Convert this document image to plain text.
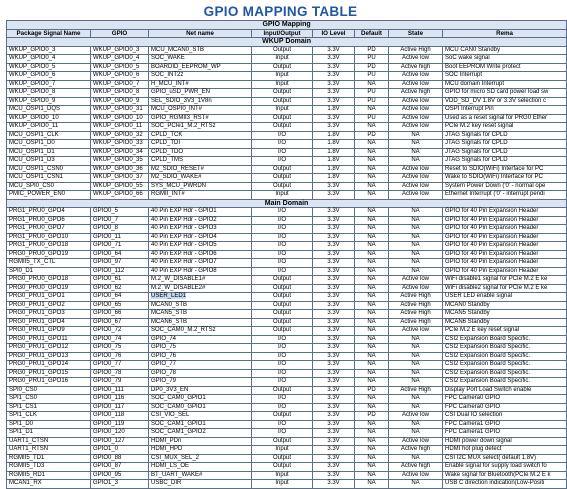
GPIO MAPPING TABLE
GPIO Mapping							
Package Signal Name	GPIO	Net name	Input/Output	IO Level	Default	State	Rema
WKUP Domain							
WKUP_GPIO0_3	WKUP_GPIO0_3	MCU_MCAN0_STB	Output	3.3V	PD	Active High	MCU CAN0 Standby
WKUP_GPIO0_4	WKUP_GPIO0_4	SOC_WAKE	Input	3.3V	PU	Active low	SoC wake signal
WKUP_GPIO0_5	WKUP_GPIO0_5	BOARDID_EEPROM_WP	Output	3.3V	PD	Active high	Boot EEPROM Write protect
WKUP_GPIO0_6	WKUP_GPIO0_6	SOC_INT2z	Input	3.3V	PU	Active low	SOC Interrupt
WKUP_GPIO0_7	WKUP_GPIO0_7	H_MCU_INT#	Input	3.3V	NA	Active low	MCU domain Interrupt
WKUP_GPIO0_8	WKUP_GPIO0_8	GPIO_uSD_PWR_EN	Output	3.3V	PU	Active high	GPIO for micro SD card power load sw
WKUP_GPIO0_9	WKUP_GPIO0_9	SEL_SDIO_3V3_1V8n	Output	3.3V	PU	Active low	VDD_SD_DV 1.8V or 3.3V selection c
MCU_OSPI1_DQS	WKUP_GPIO0_31	MCU_OSPI0_INT#	Input	1.8V	NA	Active low	OSPI Interrupt Pin
WKUP_GPIO0_10	WKUP_GPIO0_10	GPIO_RGMII3_RST#	Output	3.3V	PU	Active low	Used as a reset signal for PRG0 Ether
WKUP_GPIO0_11	WKUP_GPIO0_11	SOC_PCIe1_M.2_RTSz	Output	3.3V	NA	Active low	PCIe M.2 key reset signal
MCU_OSPI1_CLK	WKUP_GPIO0_32	CPLD_TCK	I/O	1.8V	PD	NA	JTAG Signals for CPLD
MCU_OSPI1_D0	WKUP_GPIO0_33	CPLD_TDI	I/O	1.8V	NA	NA	JTAG Signals for CPLD
MCU_OSPI1_D1	WKUP_GPIO0_34	CPLD_TDO	I/O	1.8V	NA	NA	JTAG Signals for CPLD
MCU_OSPI1_D3	WKUP_GPIO0_35	CPLD_TMS	I/O	1.8V	NA	NA	JTAG Signals for CPLD
MCU_OSPI1_CSN0	WKUP_GPIO0_36	M2_SDIO_RESET#	Output	1.8V	NA	Active low	Reset to SDIO(WiFi) Interface for PC
MCU_OSPI1_CSN1	WKUP_GPIO0_37	M2_SDIO_WAKE#	Output	1.8V	NA	Active low	Wake to SDIO(WiFi) Interface for PC
MCU_SPI0_CS0	WKUP_GPIO0_55	SYS_MCU_PWRDN	Output	3.3V	NA	Active low	System Power Down ('0' - normal ope
PMIC_POWER_EN0	WKUP_GPIO0_66	RGMII_INT#	Input	3.3V	NA	Active low	Ethernet Interrupt ('0' - interrupt pendi
Main Domain							
PRG1_PRU0_GPO4	GPIO0_5	40 Pin EXP Hdr - GPIO1	I/O	3.3V	NA	NA	GPIO for 40 Pin Expansion Header
PRG1_PRU0_GPO6	GPIO0_7	40 Pin EXP Hdr - GPIO2	I/O	3.3V	NA	NA	GPIO for 40 Pin Expansion Header
PRG1_PRU0_GPO7	GPIO0_8	40 Pin EXP Hdr - GPIO3	I/O	3.3V	NA	NA	GPIO for 40 Pin Expansion Header
PRG1_PRU0_GPO10	GPIO0_11	40 Pin EXP Hdr - GPIO4	I/O	3.3V	NA	NA	GPIO for 40 Pin Expansion Header
PRG1_PRU0_GPO18	GPIO0_71	40 Pin EXP Hdr - GPIO5	I/O	3.3V	NA	NA	GPIO for 40 Pin Expansion Header
PRG0_PRU0_GPO19	GPIO0_64	40 Pin EXP Hdr - GPIO6	I/O	3.3V	NA	NA	GPIO for 40 Pin Expansion Header
RGMII5_TX_CTL	GPIO0_97	40 Pin EXP Hdr - GPIO7	I/O	3.3V	NA	NA	GPIO for 40 Pin Expansion Header
SPI0_D1	GPIO0_112	40 Pin EXP Hdr - GPIO8	I/O	3.3V	NA	NA	GPIO for 40 Pin Expansion Header
PRG0_PRU0_GPO18	GPIO0_61	M.2_W_DISABLE1#	Output	3.3V	NA	Active low	WiFi disable1 signal for PCIe M.2 E ke
PRG0_PRU0_GPO19	GPIO0_62	M.2_W_DISABLE2#	Output	3.3V	NA	Active low	WiFi disable2 signal for PCIe M.2 E ke
PRG0_PRU1_GPO1	GPIO0_64	USER_LED1	Output	3.3V	NA	Active High	USER LED enable signal
PRG0_PRU1_GPO2	GPIO0_65	MCAN0_STB	Output	3.3V	NA	Active High	MCAN0 Standby
PRG0_PRU1_GPO3	GPIO0_66	MCAN5_STB	Output	3.3V	NA	Active High	MCAN5 Standby
PRG0_PRU1_GPO4	GPIO0_67	MCAN6_STB	Output	3.3V	NA	Active High	MCAN6 Standby
PRG0_PRU1_GPO9	GPIO0_72	SOC_CAM0_M.2_RTSz	Output	3.3V	NA	Active low	PCIe M.2 E key reset signal
PRG0_PRU1_GPO11	GPIO0_74	GPIO_74	I/O	3.3V	NA	NA	CSI2 Expansion Board Specific.
PRG0_PRU1_GPO12	GPIO0_75	GPIO_75	I/O	3.3V	NA	NA	CSI2 Expansion Board Specific.
PRG0_PRU1_GPO13	GPIO0_76	GPIO_76	I/O	3.3V	NA	NA	CSI2 Expansion Board Specific.
PRG0_PRU1_GPO14	GPIO0_77	GPIO_77	I/O	3.3V	NA	NA	CSI2 Expansion Board Specific.
PRG0_PRU1_GPO15	GPIO0_78	GPIO_78	I/O	3.3V	NA	NA	CSI2 Expansion Board Specific.
PRG0_PRU1_GPO16	GPIO0_79	GPIO_79	I/O	3.3V	NA	NA	CSI2 Expansion Board Specific.
SPI0_CS0	GPIO0_111	DP0_3V3_EN	Output	3.3V	PD	Active High	Display Port Load Switch enable
SPI1_CS0	GPIO0_116	SOC_CAM0_GPIO1	I/O	3.3V	NA	NA	FPC Camera0 GPIO
SPI1_CS1	GPIO0_117	SOC_CAM0_GPIO1	I/O	3.3V	NA	NA	FPC Camera0 GPIO
SPI1_CLK	GPIO0_118	CSI_VIO_SEL	Output	3.3V	PD	Active low	CSI Dual IO selection
SPI1_D0	GPIO0_119	SOC_CAM1_GPIO1	I/O	3.3V	NA	NA	FPC Camera1 GPIO
SPI1_D1	GPIO0_120	SOC_CAM1_GPIO2	I/O	3.3V	NA	NA	FPC Camera1 GPIO
UART1_CTSN	GPIO0_127	HDMI_PDn	Output	3.3V	NA	Active low	HDMI power down signal
UART1_RTSN	GPIO1_0	HDMI_HPD	Input	3.3V	NA	Active high	HDMI hot plug detect
RGMII5_TD1	GPIO0_88	CSI_MUX_SEL_2	Output	3.3V	NA	NA	CSI I2C MUX select( default 1.8V)
RGMII5_TD3	GPIO0_87	HDMI_LS_OE	Output	3.3V	NA	Active high	Enable signal for supply load switch fo
RGMII5_RD1	GPIO0_95	BT_UART_WAKE#	Input	3.3V	NA	Active low	Wake signal for Bluetooth(PCIe M.2 E k
MCAN1_RX	GPIO1_3	USBC_DIR	Input	3.3V	NA	NA	USB C direction indication(Low-Positi
